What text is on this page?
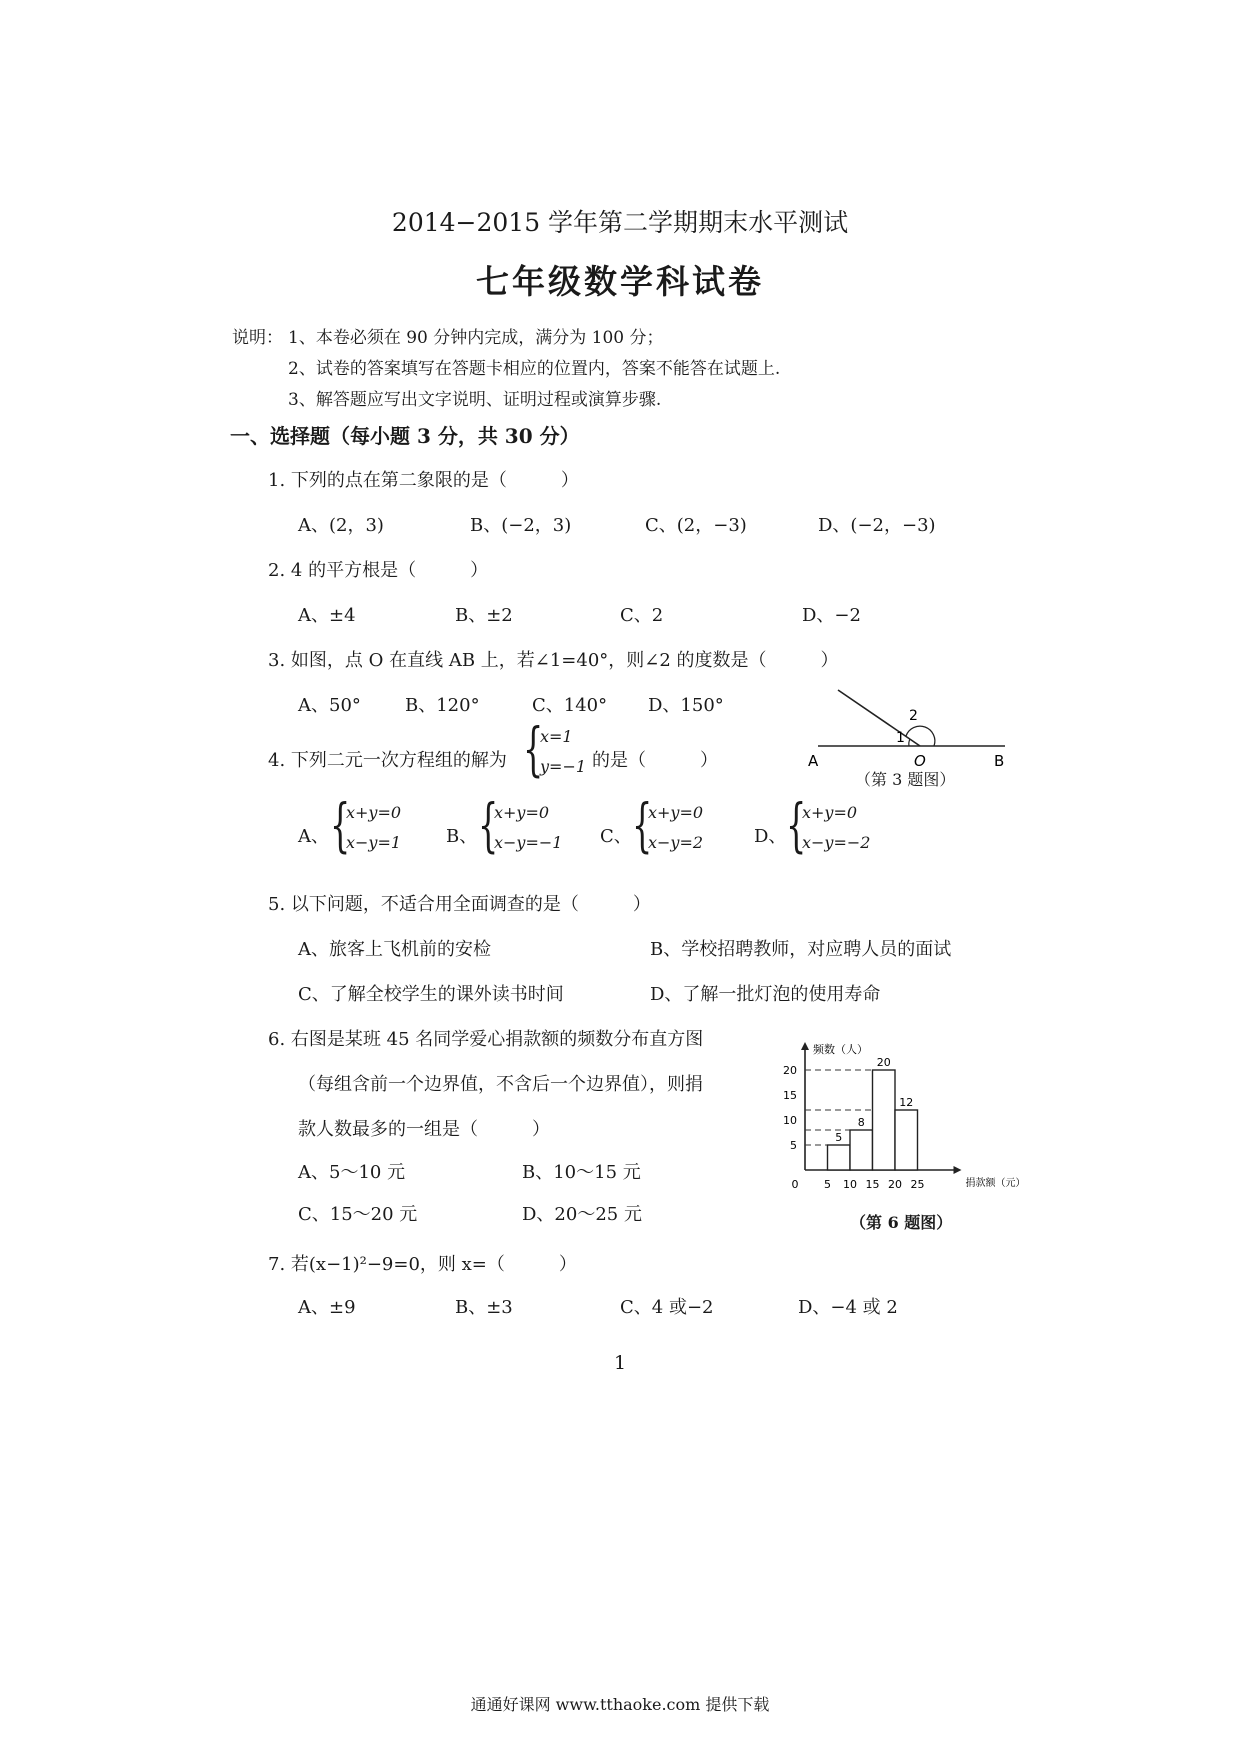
2014−2015 学年第二学期期末水平测试
七年级数学科试卷
说明： 1、本卷必须在 90 分钟内完成，满分为 100 分；
2、试卷的答案填写在答题卡相应的位置内，答案不能答在试题上.
3、解答题应写出文字说明、证明过程或演算步骤.
一、选择题（每小题 3 分，共 30 分）
1. 下列的点在第二象限的是（　　　）
A、(2，3)	B、(−2，3)	C、(2，−3)	D、(−2，−3)
2. 4 的平方根是（　　　）
A、±4	B、±2	C、2	D、−2
3. 如图，点 O 在直线 AB 上，若∠1=40°，则∠2 的度数是（　　　）
A、50° B、120°	C、140° D、150°
A	O	B
1
2
（第 3 题图）
4. 下列二元一次方程组的解为 {
x=1
y=−1 的是（　　　）
A、 {
x+y=0
x−y=1 B、 {
x+y=0
x−y=−1 C、 {
x+y=0
x−y=2	D、 {
x+y=0
x−y=−2
5. 以下问题，不适合用全面调查的是（　　　）
A、旅客上飞机前的安检	B、学校招聘教师，对应聘人员的面试
C、了解全校学生的课外读书时间	D、了解一批灯泡的使用寿命
6. 右图是某班 45 名同学爱心捐款额的频数分布直方图
（每组含前一个边界值，不含后一个边界值），则捐
款人数最多的一组是（　　　）
A、5～10 元	B、10～15 元
C、15～20 元	D、20～25 元
频数（人）
捐款额（元）
5
8
20
12
5
10
15
20
0 5 10 15 20 25
（第 6 题图）
7. 若(x−1)²−9=0，则 x=（　　　）
A、±9	B、±3	C、4 或−2	D、−4 或 2
1
通通好课网 www.tthaoke.com 提供下载
